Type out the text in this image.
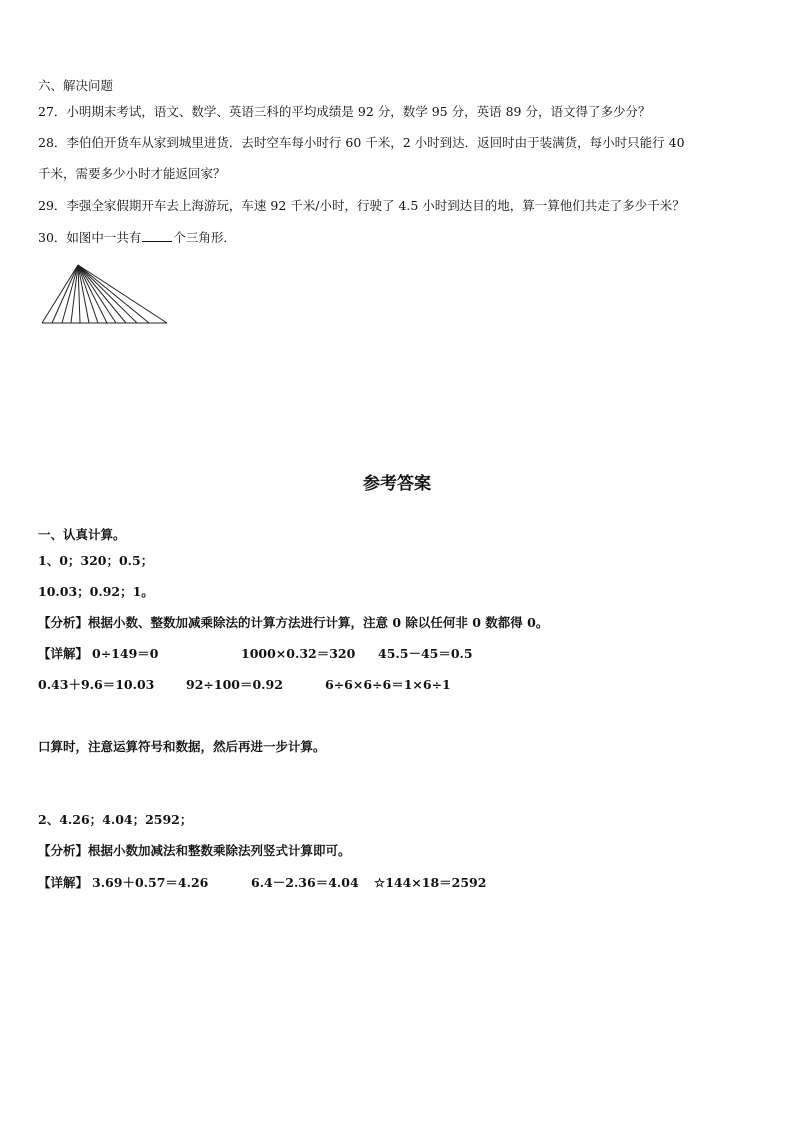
六、解决问题
27．小明期末考试，语文、数学、英语三科的平均成绩是 92 分，数学 95 分，英语 89 分，语文得了多少分？
28．李伯伯开货车从家到城里进货．去时空车每小时行 60 千米，2 小时到达．返回时由于装满货，每小时只能行 40
千米，需要多少小时才能返回家？
29．李强全家假期开车去上海游玩，车速 92 千米/小时，行驶了 4.5 小时到达目的地，算一算他们共走了多少千米？
30．如图中一共有	个三角形．
参考答案
一、认真计算。
1、0；320；0.5；
10.03；0.92；1。
【分析】根据小数、整数加减乘除法的计算方法进行计算，注意 0 除以任何非 0 数都得 0。
【详解】 0÷149＝0	1000×0.32＝320 45.5－45＝0.5
0.43＋9.6＝10.03	92÷100＝0.92	6÷6×6÷6＝1×6÷1
口算时，注意运算符号和数据，然后再进一步计算。
2、4.26；4.04；2592；
【分析】根据小数加减法和整数乘除法列竖式计算即可。
【详解】 3.69＋0.57＝4.26	6.4－2.36＝4.04 ☆144×18＝2592
